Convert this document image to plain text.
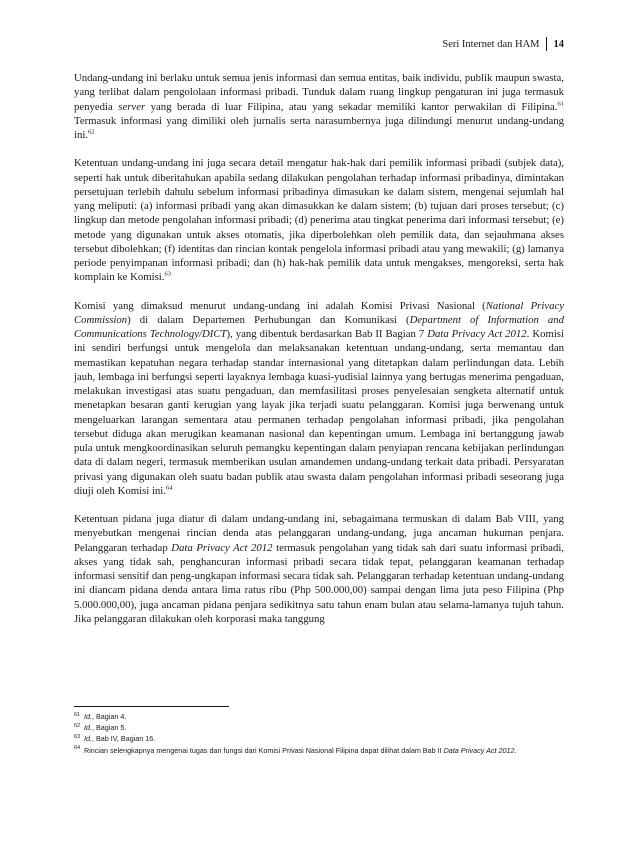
Seri Internet dan HAM 14

Undang-undang ini berlaku untuk semua jenis informasi dan semua entitas, baik individu, publik maupun swasta, yang terlibat dalam pengololaan informasi pribadi. Tunduk dalam ruang lingkup pengaturan ini juga termasuk penyedia server yang berada di luar Filipina, atau yang sekadar memiliki kantor perwakilan di Filipina.$^{61}$ Termasuk informasi yang dimiliki oleh jurnalis serta narasumbernya juga dilindungi menurut undang-undang ini.$^{62}$

Ketentuan undang-undang ini juga secara detail mengatur hak-hak dari pemilik informasi pribadi (subjek data), seperti hak untuk diberitahukan apabila sedang dilakukan pengolahan terhadap informasi pribadinya, dimintakan persetujuan terlebih dahulu sebelum informasi pribadinya dimasukan ke dalam sistem, mengenai sejumlah hal yang meliputi: (a) informasi pribadi yang akan dimasukkan ke dalam sistem; (b) tujuan dari proses tersebut; (c) lingkup dan metode pengolahan informasi pribadi; (d) penerima atau tingkat penerima dari informasi tersebut; (e) metode yang digunakan untuk akses otomatis, jika diperbolehkan oleh pemilik data, dan sejauhmana akses tersebut dibolehkan; (f) identitas dan rincian kontak pengelola informasi pribadi atau yang mewakili; (g) lamanya periode penyimpanan informasi pribadi; dan (h) hak-hak pemilik data untuk mengakses, mengoreksi, serta hak komplain ke Komisi.$^{63}$

Komisi yang dimaksud menurut undang-undang ini adalah Komisi Privasi Nasional (National Privacy Commission) di dalam Departemen Perhubungan dan Komunikasi (Department of Information and Communications Technology/DICT), yang dibentuk berdasarkan Bab II Bagian 7 Data Privacy Act 2012. Komisi ini sendiri berfungsi untuk mengelola dan melaksanakan ketentuan undang-undang, serta memantau dan memastikan kepatuhan negara terhadap standar internasional yang ditetapkan dalam perlindungan data. Lebih jauh, lembaga ini berfungsi seperti layaknya lembaga kuasi-yudisial lainnya yang bertugas menerima pengaduan, melakukan investigasi atas suatu pengaduan, dan memfasilitasi proses penyelesaian sengketa alternatif untuk menetapkan besaran ganti kerugian yang layak jika terjadi suatu pelanggaran. Komisi juga berwenang untuk mengeluarkan larangan sementara atau permanen terhadap pengolahan informasi pribadi, jika pengolahan tersebut diduga akan merugikan keamanan nasional dan kepentingan umum. Lembaga ini bertanggung jawab pula untuk mengkoordinasikan seluruh pemangku kepentingan dalam penyiapan rencana kebijakan perlindungan data di dalam negeri, termasuk memberikan usulan amandemen undang-undang terkait data pribadi. Persyaratan privasi yang digunakan oleh suatu badan publik atau swasta dalam pengolahan informasi pribadi seseorang juga diuji oleh Komisi ini.$^{64}$

Ketentuan pidana juga diatur di dalam undang-undang ini, sebagaimana termuskan di dalam Bab VIII, yang menyebutkan mengenai rincian denda atas pelanggaran undang-undang, juga ancaman hukuman penjara. Pelanggaran terhadap Data Privacy Act 2012 termasuk pengolahan yang tidak sah dari suatu informasi pribadi, akses yang tidak sah, penghancuran informasi pribadi secara tidak tepat, pelanggaran keamanan terhadap informasi sensitif dan peng-ungkapan informasi secara tidak sah. Pelanggaran terhadap ketentuan undang-undang ini diancam pidana denda antara lima ratus ribu (Php 500.000,00) sampai dengan lima juta peso Filipina (Php 5.000.000,00), juga ancaman pidana penjara sedikitnya satu tahun enam bulan atau selama-lamanya tujuh tahun. Jika pelanggaran dilakukan oleh korporasi maka tanggung

61 Id., Bagian 4.
62 Id., Bagian 5.
63 Id., Bab IV, Bagian 16.
64 Rincian selengkapnya mengenai tugas dan fungsi dari Komisi Privasi Nasional Filipina dapat dilihat dalam Bab II Data Privacy Act 2012.
